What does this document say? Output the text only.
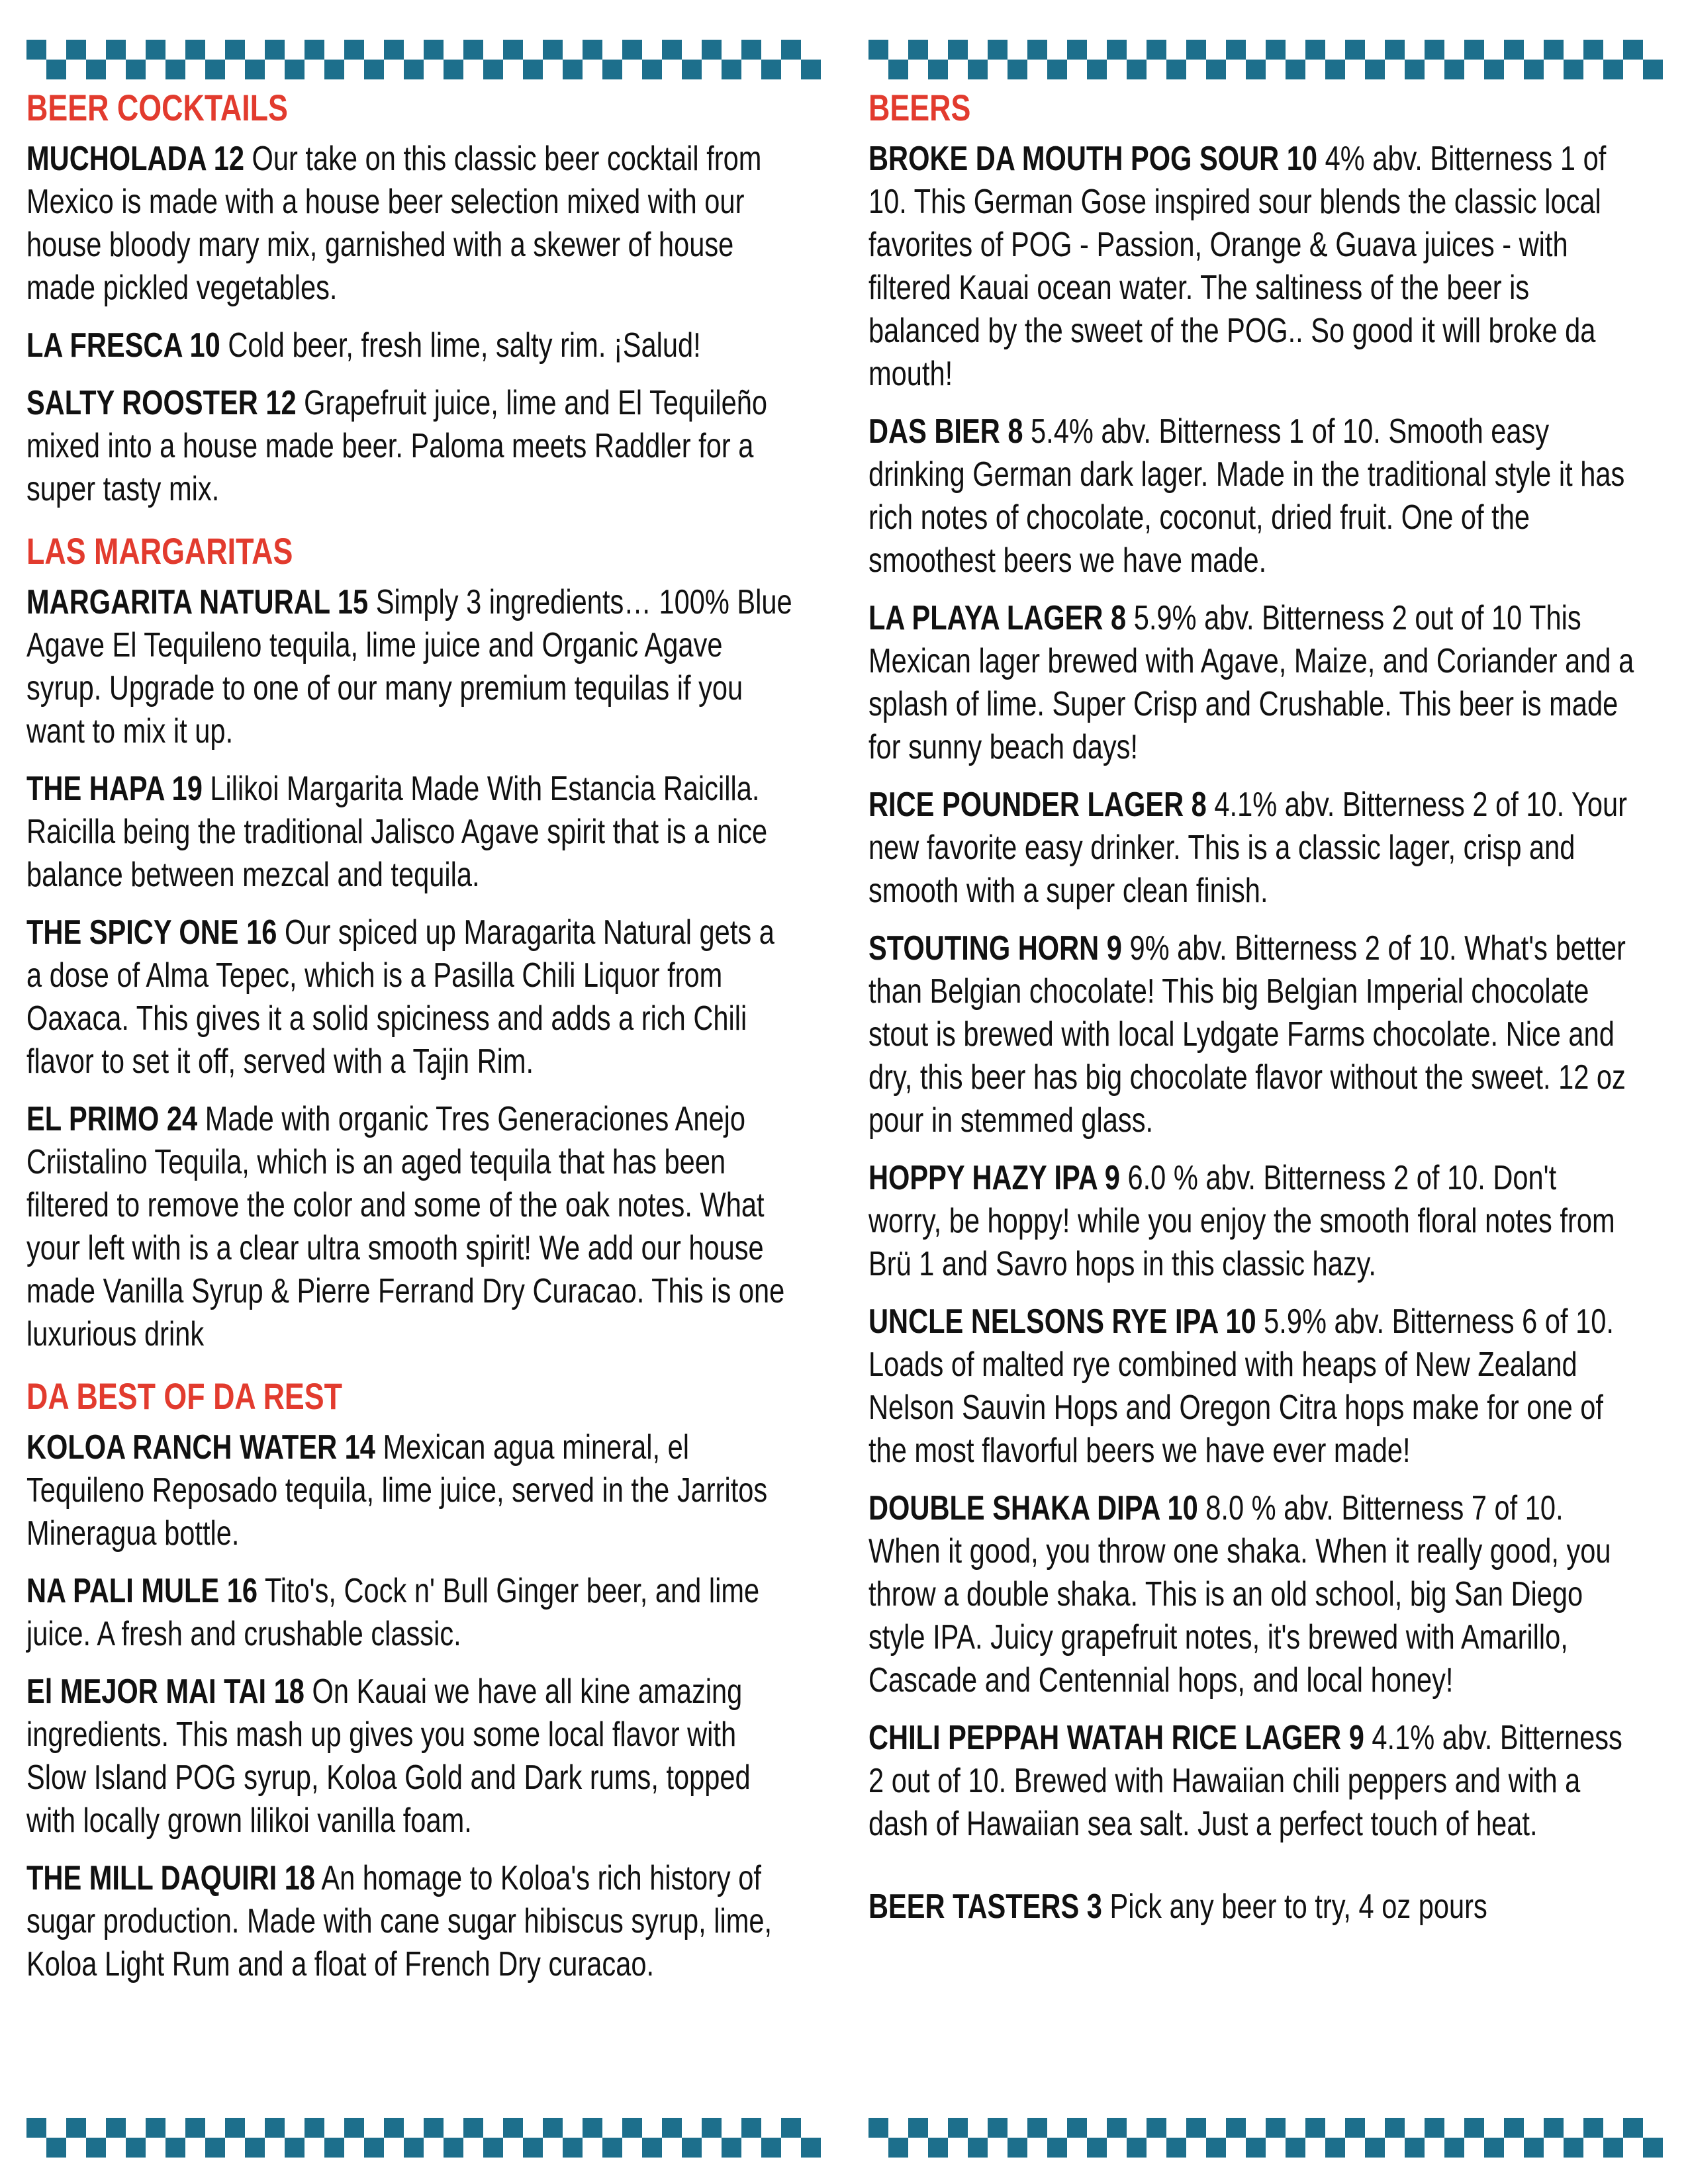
BEER COCKTAILS
MUCHOLADA 12 Our take on this classic beer cocktail from Mexico is made with a house beer selection mixed with our house bloody mary mix, garnished with a skewer of house made pickled vegetables.
LA FRESCA 10 Cold beer, fresh lime, salty rim. ¡Salud!
SALTY ROOSTER 12 Grapefruit juice, lime and El Tequileño mixed into a house made beer. Paloma meets Raddler for a super tasty mix.
LAS MARGARITAS
MARGARITA NATURAL 15 Simply 3 ingredients… 100% Blue Agave El Tequileno tequila, lime juice and Organic Agave syrup. Upgrade to one of our many premium tequilas if you want to mix it up.
THE HAPA 19 Lilikoi Margarita Made With Estancia Raicilla. Raicilla being the traditional Jalisco Agave spirit that is a nice balance between mezcal and tequila.
THE SPICY ONE 16 Our spiced up Maragarita Natural gets a a dose of Alma Tepec, which is a Pasilla Chili Liquor from Oaxaca. This gives it a solid spiciness and adds a rich Chili flavor to set it off, served with a Tajin Rim.
EL PRIMO 24 Made with organic Tres Generaciones Anejo Criistalino Tequila, which is an aged tequila that has been filtered to remove the color and some of the oak notes. What your left with is a clear ultra smooth spirit! We add our house made Vanilla Syrup & Pierre Ferrand Dry Curacao. This is one luxurious drink
DA BEST OF DA REST
KOLOA RANCH WATER 14 Mexican agua mineral, el Tequileno Reposado tequila, lime juice, served in the Jarritos Mineragua bottle.
NA PALI MULE 16 Tito's, Cock n' Bull Ginger beer, and lime juice. A fresh and crushable classic.
El MEJOR MAI TAI 18 On Kauai we have all kine amazing ingredients. This mash up gives you some local flavor with Slow Island POG syrup, Koloa Gold and Dark rums, topped with locally grown lilikoi vanilla foam.
THE MILL DAQUIRI 18 An homage to Koloa's rich history of sugar production. Made with cane sugar hibiscus syrup, lime, Koloa Light Rum and a float of French Dry curacao.
BEERS
BROKE DA MOUTH POG SOUR 10 4% abv. Bitterness 1 of 10. This German Gose inspired sour blends the classic local favorites of POG - Passion, Orange & Guava juices - with filtered Kauai ocean water. The saltiness of the beer is balanced by the sweet of the POG.. So good it will broke da mouth!
DAS BIER 8 5.4% abv. Bitterness 1 of 10. Smooth easy drinking German dark lager. Made in the traditional style it has rich notes of chocolate, coconut, dried fruit. One of the smoothest beers we have made.
LA PLAYA LAGER 8 5.9% abv. Bitterness 2 out of 10 This Mexican lager brewed with Agave, Maize, and Coriander and a splash of lime. Super Crisp and Crushable. This beer is made for sunny beach days!
RICE POUNDER LAGER 8 4.1% abv. Bitterness 2 of 10. Your new favorite easy drinker. This is a classic lager, crisp and smooth with a super clean finish.
STOUTING HORN 9 9% abv. Bitterness 2 of 10. What's better than Belgian chocolate! This big Belgian Imperial chocolate stout is brewed with local Lydgate Farms chocolate. Nice and dry, this beer has big chocolate flavor without the sweet. 12 oz pour in stemmed glass.
HOPPY HAZY IPA 9 6.0 % abv. Bitterness 2 of 10. Don't worry, be hoppy! while you enjoy the smooth floral notes from Brü 1 and Savro hops in this classic hazy.
UNCLE NELSONS RYE IPA 10 5.9% abv. Bitterness 6 of 10. Loads of malted rye combined with heaps of New Zealand Nelson Sauvin Hops and Oregon Citra hops make for one of the most flavorful beers we have ever made!
DOUBLE SHAKA DIPA 10 8.0 % abv. Bitterness 7 of 10. When it good, you throw one shaka. When it really good, you throw a double shaka. This is an old school, big San Diego style IPA. Juicy grapefruit notes, it's brewed with Amarillo, Cascade and Centennial hops, and local honey!
CHILI PEPPAH WATAH RICE LAGER 9 4.1% abv. Bitterness 2 out of 10. Brewed with Hawaiian chili peppers and with a dash of Hawaiian sea salt. Just a perfect touch of heat.
BEER TASTERS 3 Pick any beer to try, 4 oz pours
